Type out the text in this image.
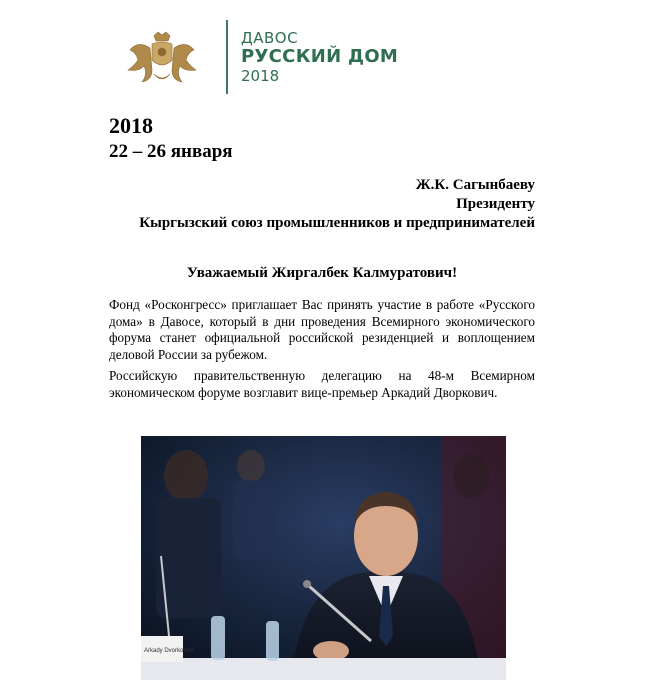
ДАВОС
РУССКИЙ ДОМ
2018
2018
22 – 26 января
Ж.К. Сагынбаеву
Президенту
Кыргызский союз промышленников и предпринимателей
Уважаемый Жиргалбек Калмуратович!
Фонд «Росконгресс» приглашает Вас принять участие в работе «Русского дома» в Давосе, который в дни проведения Всемирного экономического форума станет официальной российской резиденцией и воплощением деловой России за рубежом.
Российскую правительственную делегацию на 48-м Всемирном экономическом форуме возглавит вице-премьер Аркадий Дворкович.
Arkady Dvorkovich
